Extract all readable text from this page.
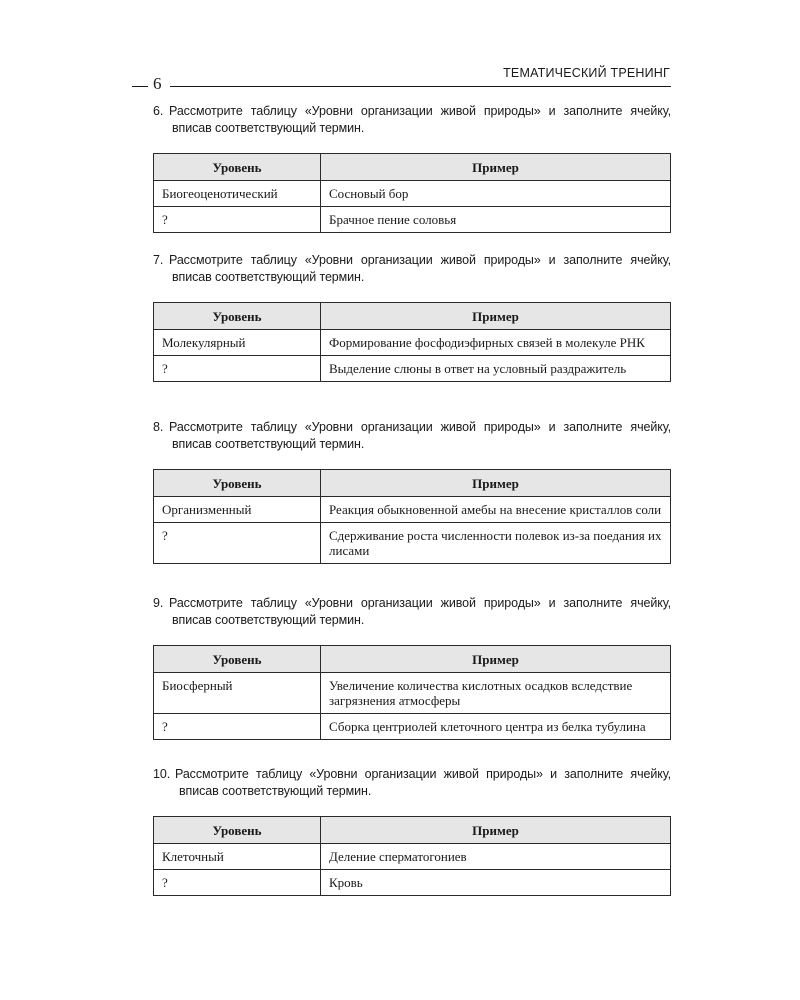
ТЕМАТИЧЕСКИЙ ТРЕНИНГ
6

6. Рассмотрите таблицу «Уровни организации живой природы» и заполните ячейку, вписав соответствующий термин.

Уровень	Пример
Биогеоценотический	Сосновый бор
?	Брачное пение соловья

7. Рассмотрите таблицу «Уровни организации живой природы» и заполните ячейку, вписав соответствующий термин.

Уровень	Пример
Молекулярный	Формирование фосфодиэфирных связей в молекуле РНК
?	Выделение слюны в ответ на условный раздражитель

8. Рассмотрите таблицу «Уровни организации живой природы» и заполните ячейку, вписав соответствующий термин.

Уровень	Пример
Организменный	Реакция обыкновенной амебы на внесение кристаллов соли
?	Сдерживание роста численности полевок из-за поедания их лисами

9. Рассмотрите таблицу «Уровни организации живой природы» и заполните ячейку, вписав соответствующий термин.

Уровень	Пример
Биосферный	Увеличение количества кислотных осадков вследствие загрязнения атмосферы
?	Сборка центриолей клеточного центра из белка тубулина

10. Рассмотрите таблицу «Уровни организации живой природы» и заполните ячейку, вписав соответствующий термин.

Уровень	Пример
Клеточный	Деление сперматогониев
?	Кровь
